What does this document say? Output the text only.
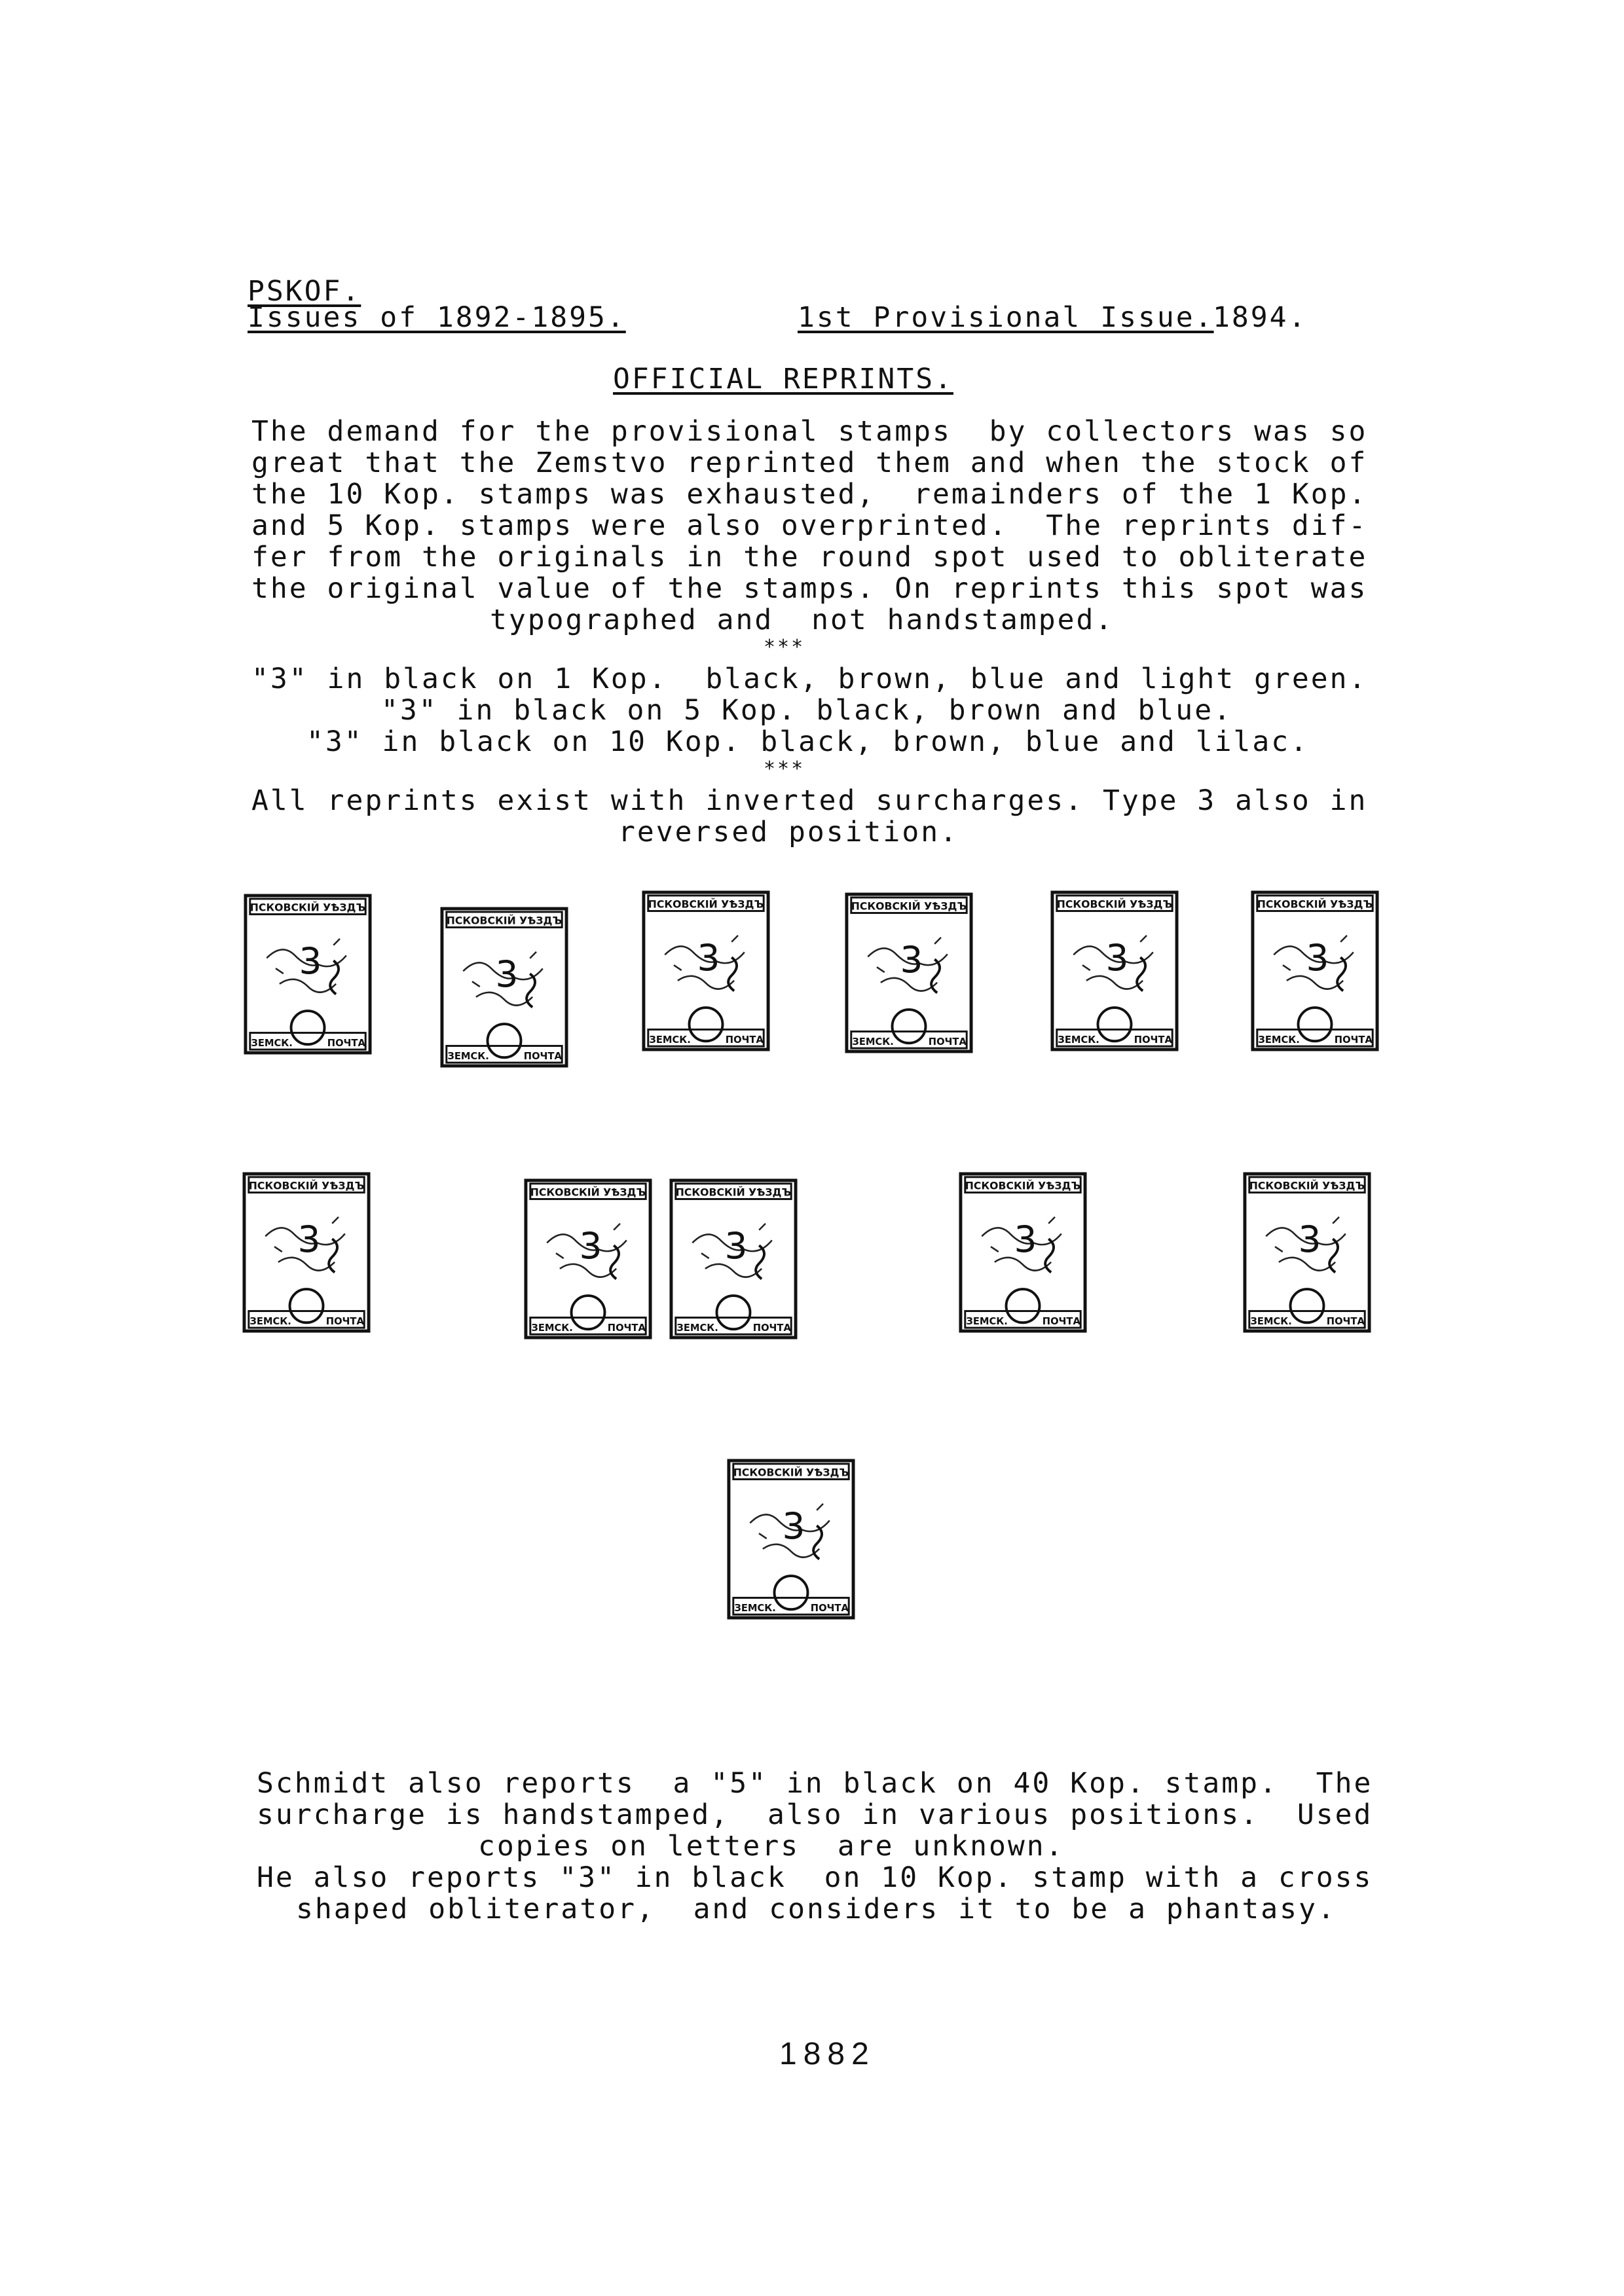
PSKOF.
Issues of 1892-1895.	1st Provisional Issue.
1894.
OFFICIAL REPRINTS.
The demand for the provisional stamps  by collectors was so
great that the Zemstvo reprinted them and when the stock of
the 10 Kop. stamps was exhausted,  remainders of the 1 Kop.
and 5 Kop. stamps were also overprinted.  The reprints dif-
fer from the originals in the round spot used to obliterate
the original value of the stamps. On reprints this spot was
typographed and  not handstamped.
***
"3" in black on 1 Kop.  black, brown, blue and light green.
"3" in black on 5 Kop. black, brown and blue.
"3" in black on 10 Kop. black, brown, blue and lilac.
***
All reprints exist with inverted surcharges. Type 3 also in
reversed position.
ПСКОВСКIЙ УѢЗДЪ
3
ЗЕМСК.	ПОЧТА
ПСКОВСКIЙ УѢЗДЪ
3
ЗЕМСК.	ПОЧТА
ПСКОВСКIЙ УѢЗДЪ
3
ЗЕМСК.	ПОЧТА
ПСКОВСКIЙ УѢЗДЪ
3
ЗЕМСК.	ПОЧТА
ПСКОВСКIЙ УѢЗДЪ
3
ЗЕМСК.	ПОЧТА
ПСКОВСКIЙ УѢЗДЪ
3
ЗЕМСК.	ПОЧТА
ПСКОВСКIЙ УѢЗДЪ
3
ЗЕМСК.	ПОЧТА
ПСКОВСКIЙ УѢЗДЪ
3
ЗЕМСК.	ПОЧТА
ПСКОВСКIЙ УѢЗДЪ
3
ЗЕМСК.	ПОЧТА
ПСКОВСКIЙ УѢЗДЪ
3
ЗЕМСК.	ПОЧТА
ПСКОВСКIЙ УѢЗДЪ
3
ЗЕМСК.	ПОЧТА
ПСКОВСКIЙ УѢЗДЪ
3
ЗЕМСК.	ПОЧТА
Schmidt also reports  a "5" in black on 40 Kop. stamp.  The
surcharge is handstamped,  also in various positions.  Used
copies on letters  are unknown.
He also reports "3" in black  on 10 Kop. stamp with a cross
shaped obliterator,  and considers it to be a phantasy.
1882
